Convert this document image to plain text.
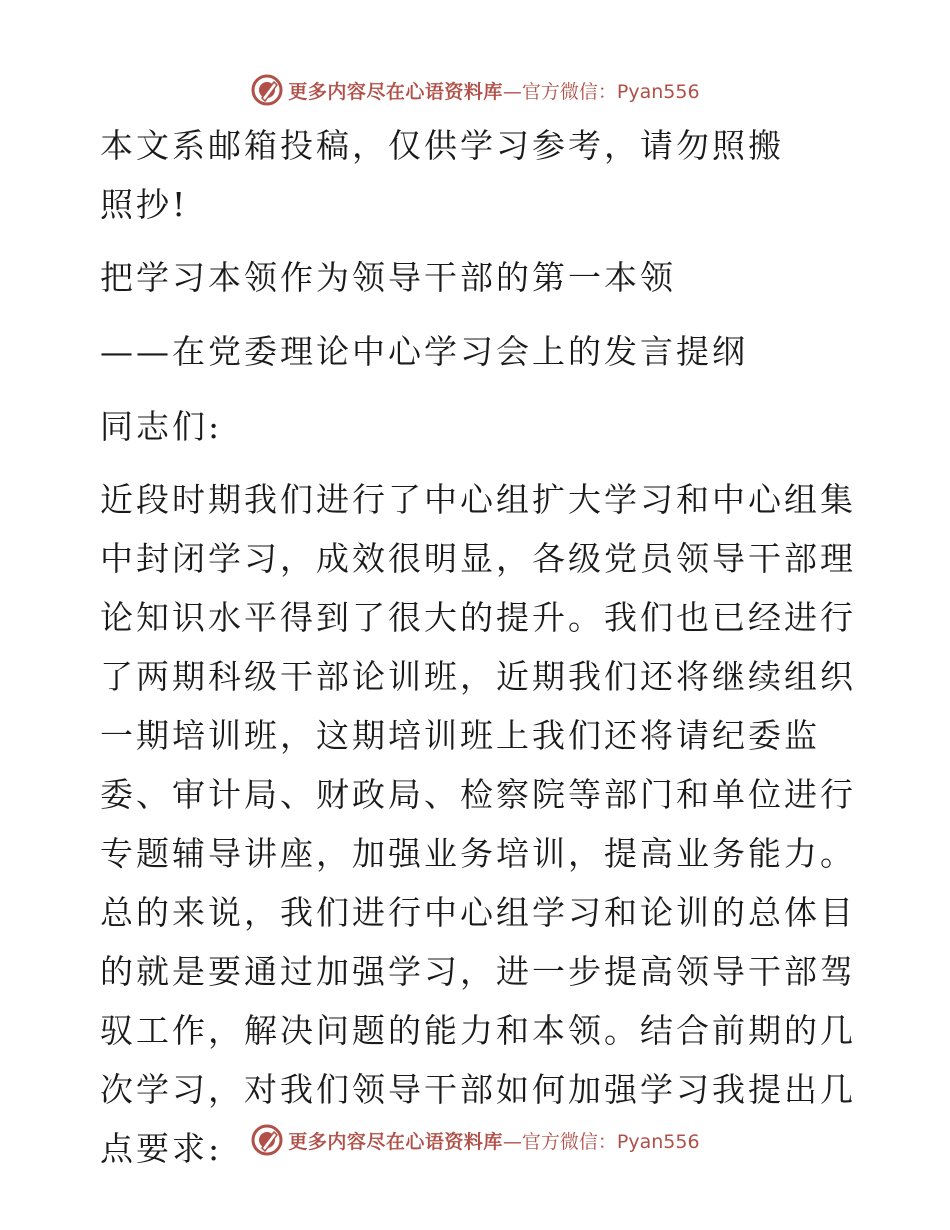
更多内容尽在心语资料库 —官方微信：Pyan556

本文系邮箱投稿，仅供学习参考，请勿照搬照抄!

把学习本领作为领导干部的第一本领

——在党委理论中心学习会上的发言提纲

同志们:

近段时期我们进行了中心组扩大学习和中心组集中封闭学习，成效很明显，各级党员领导干部理论知识水平得到了很大的提升。我们也已经进行了两期科级干部论训班，近期我们还将继续组织一期培训班，这期培训班上我们还将请纪委监委、审计局、财政局、检察院等部门和单位进行专题辅导讲座，加强业务培训，提高业务能力。总的来说，我们进行中心组学习和论训的总体目的就是要通过加强学习，进一步提高领导干部驾驭工作，解决问题的能力和本领。结合前期的几次学习，对我们领导干部如何加强学习我提出几点要求:	更多内容尽在心语资料库 —官方微信：Pyan556
